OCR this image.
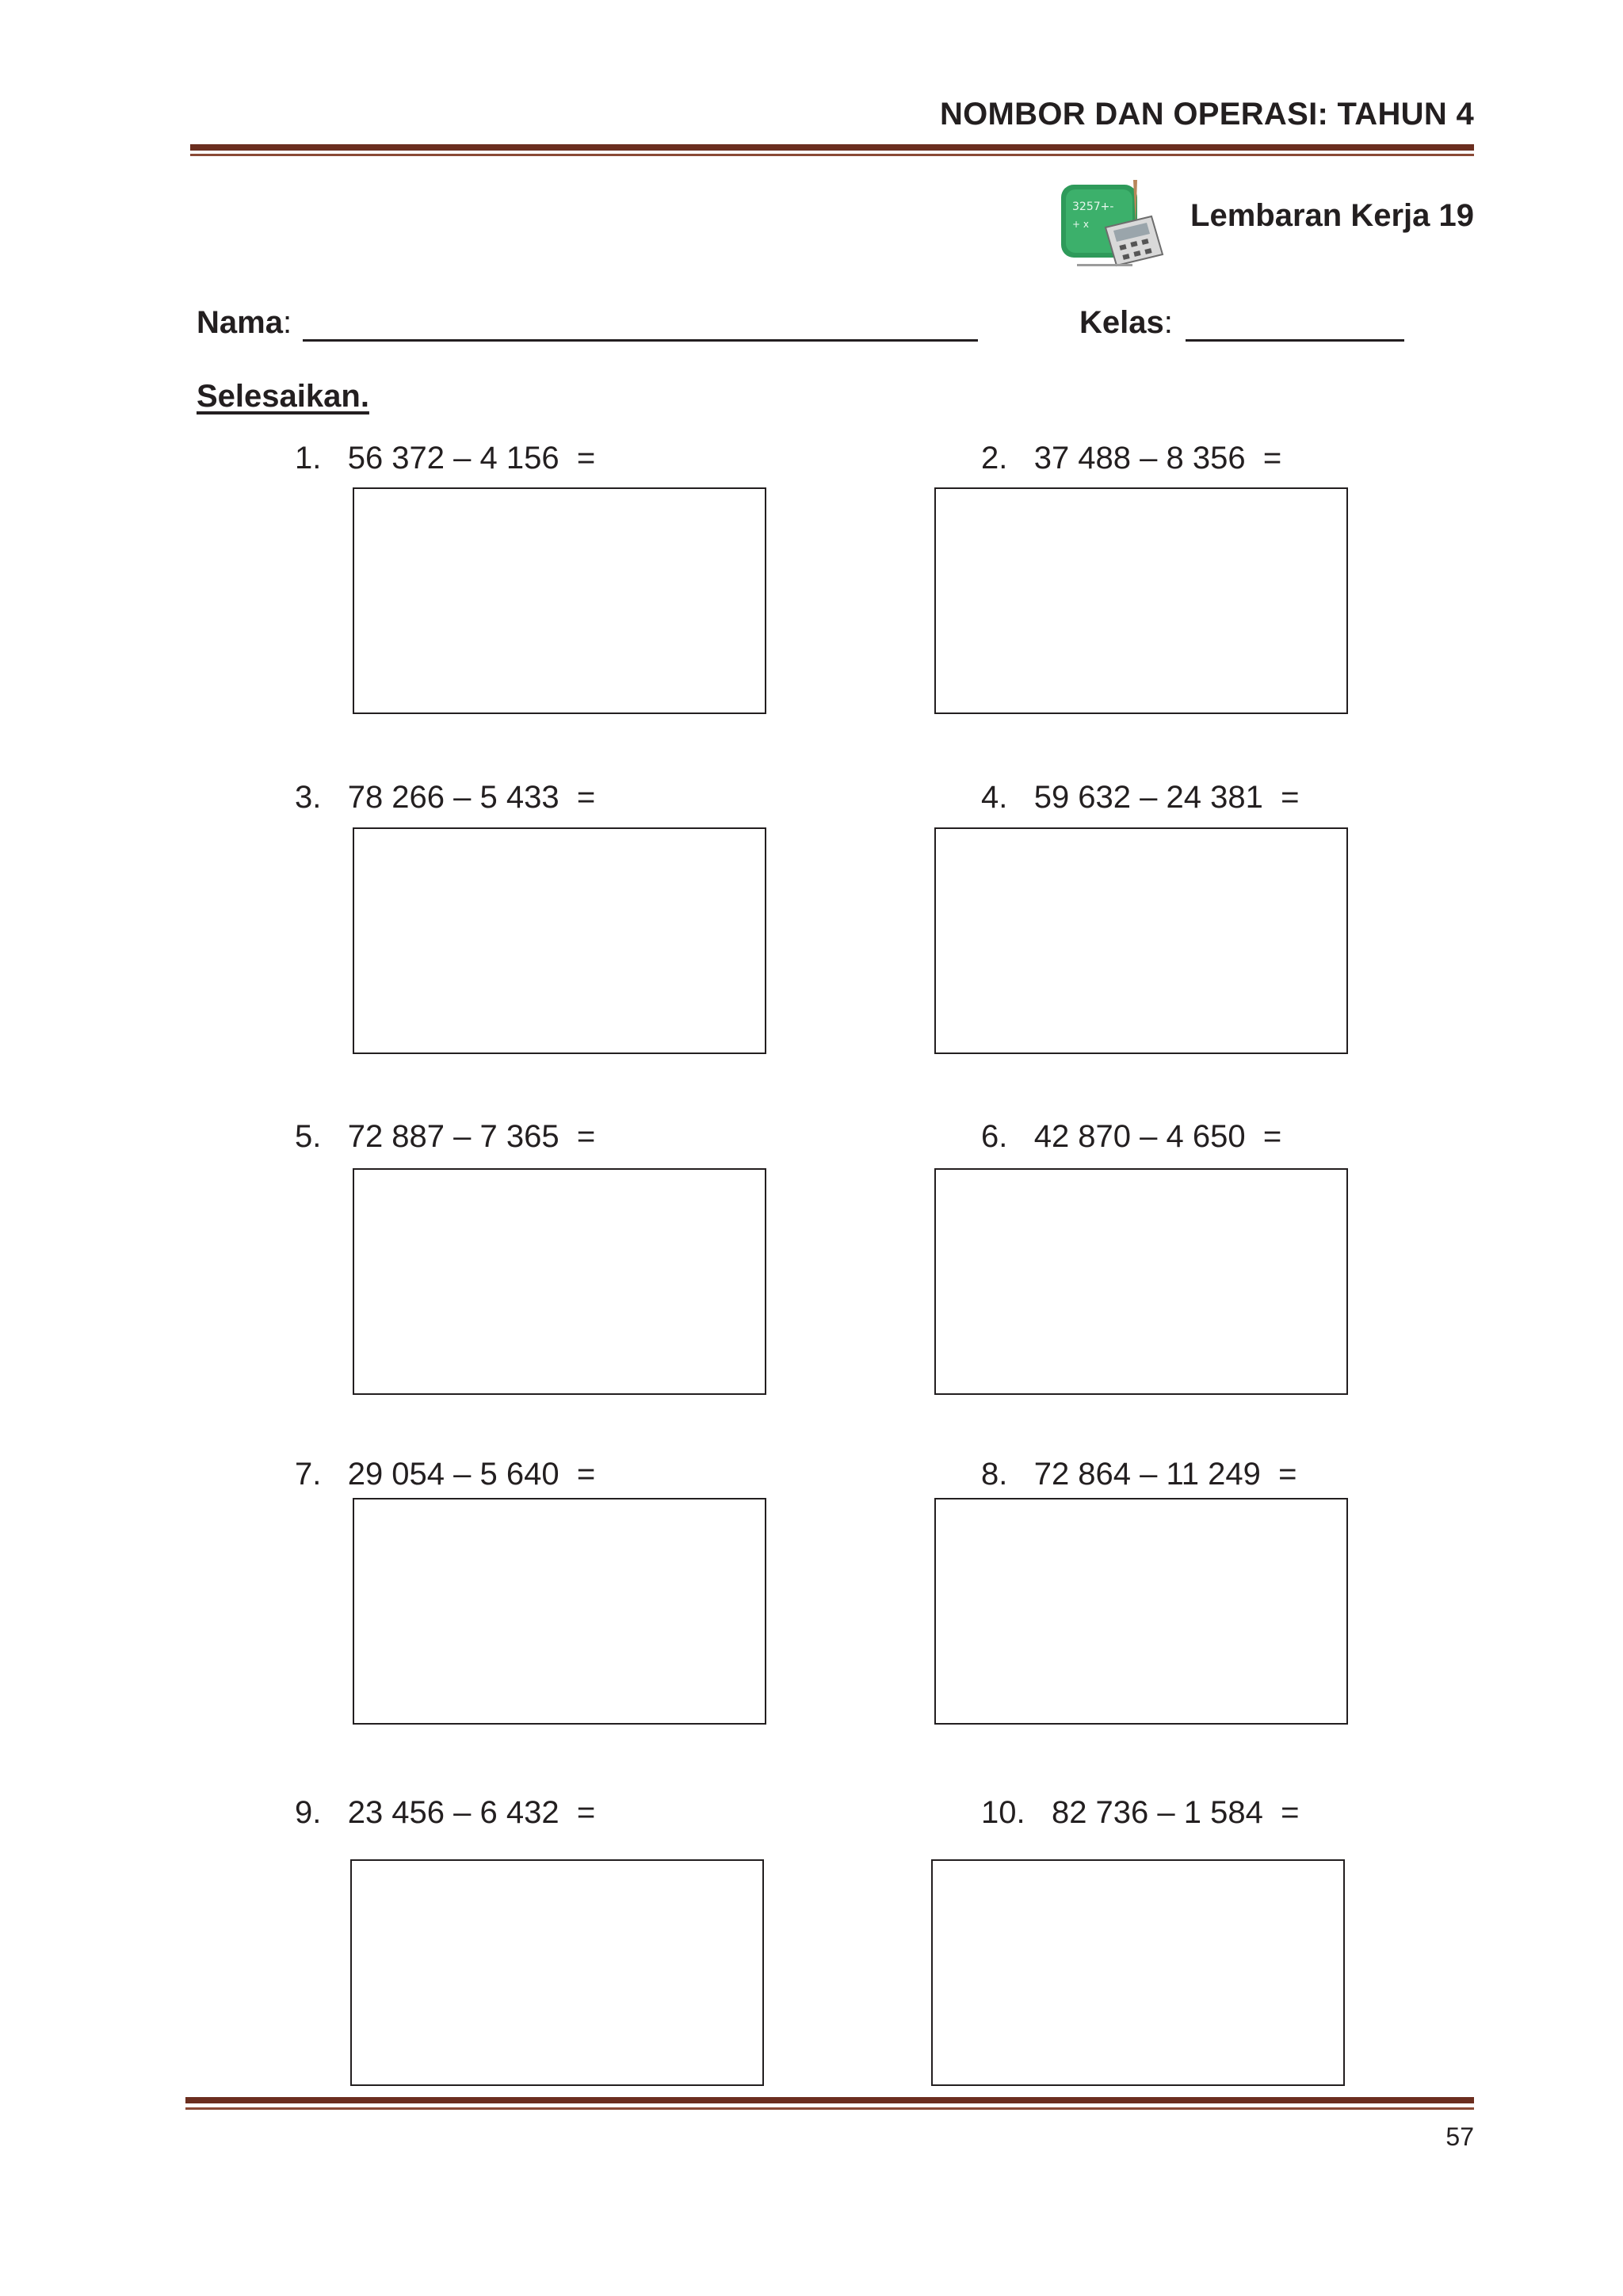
NOMBOR DAN OPERASI: TAHUN 4
3257+-
+ x	Lembaran Kerja 19
Nama:	Kelas:
Selesaikan.
1. 56 372 – 4 156  =	2. 37 488 – 8 356  =
3. 78 266 – 5 433  =	4. 59 632 – 24 381  =
5. 72 887 – 7 365  =	6. 42 870 – 4 650  =
7. 29 054 – 5 640  =	8. 72 864 – 11 249  =
9. 23 456 – 6 432  =	10. 82 736 – 1 584  =
57
